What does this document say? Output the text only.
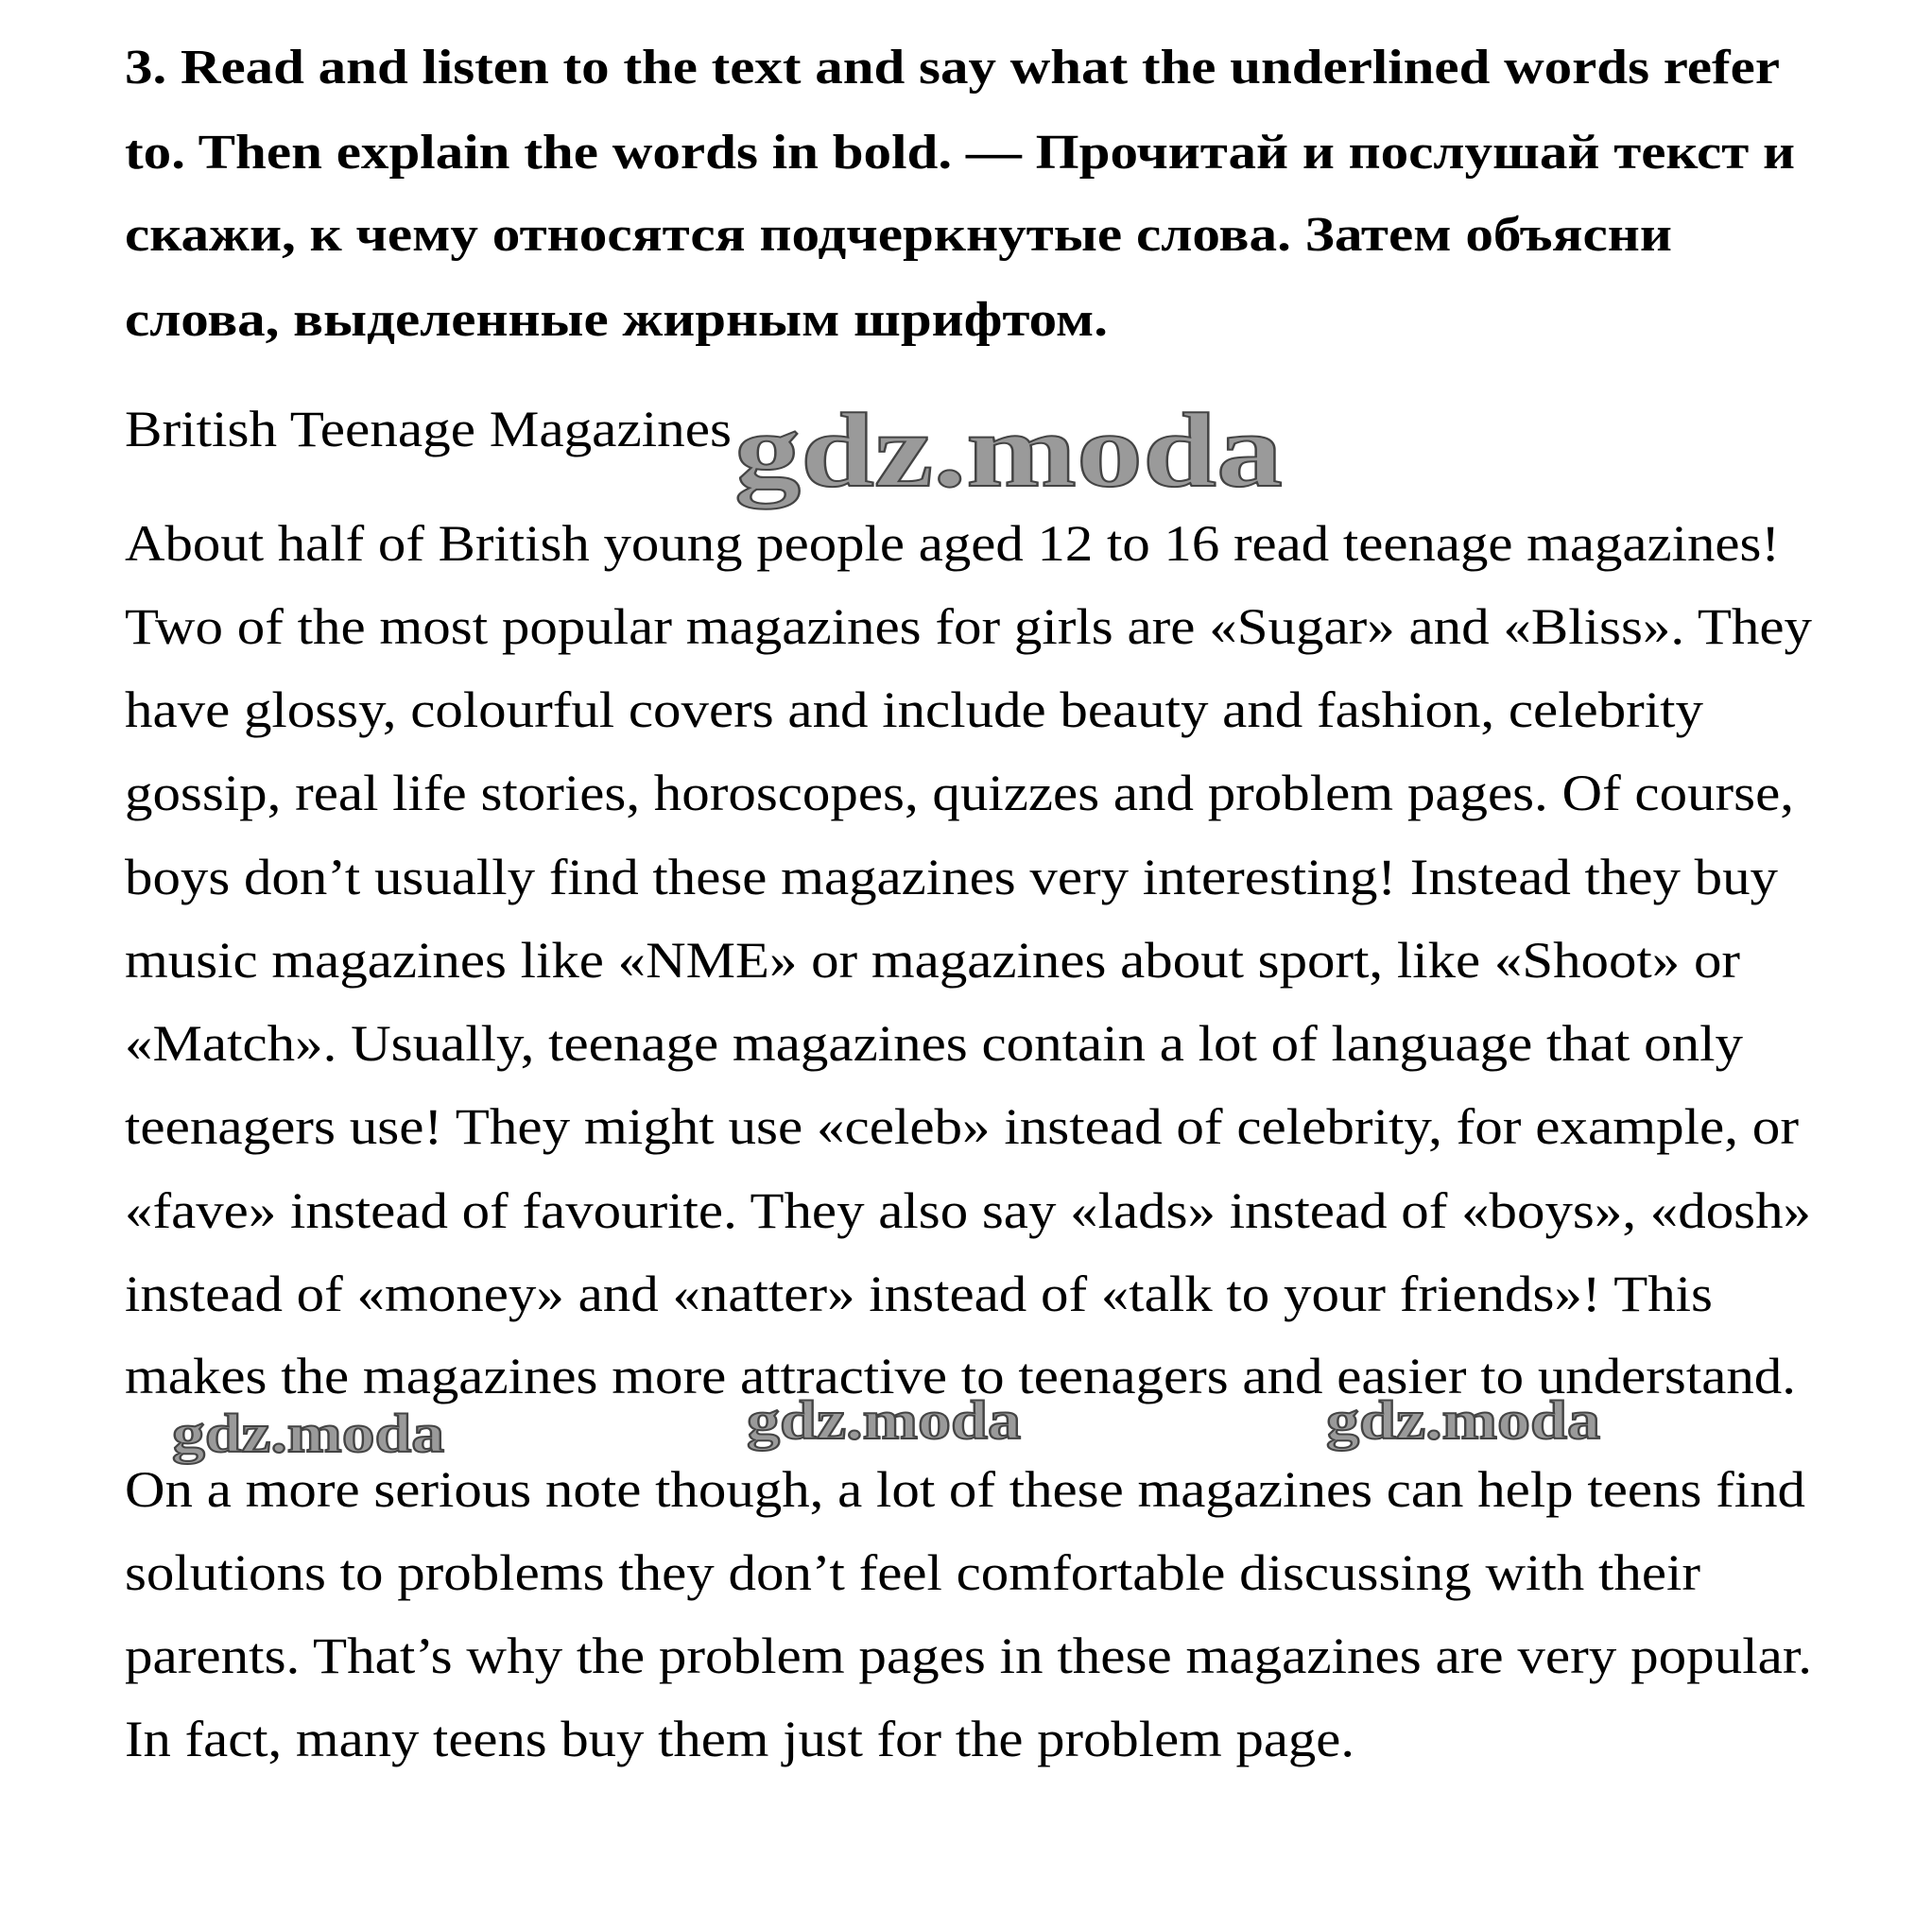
3. Read and listen to the text and say what the underlined words refer
to. Then explain the words in bold. — Прочитай и послушай текст и
скажи, к чему относятся подчеркнутые слова. Затем объясни
слова, выделенные жирным шрифтом.
British Teenage Magazines gdz.moda
About half of British young people aged 12 to 16 read teenage magazines!
Two of the most popular magazines for girls are «Sugar» and «Bliss». They
have glossy, colourful covers and include beauty and fashion, celebrity
gossip, real life stories, horoscopes, quizzes and problem pages. Of course,
boys don’t usually find these magazines very interesting! Instead they buy
music magazines like «NME» or magazines about sport, like «Shoot» or
«Match». Usually, teenage magazines contain a lot of language that only
teenagers use! They might use «celeb» instead of celebrity, for example, or
«fave» instead of favourite. They also say «lads» instead of «boys», «dosh»
instead of «money» and «natter» instead of «talk to your friends»! This
makes the magazines more attractive to teenagers and easier to understand.
gdz.moda	gdz.moda	gdz.moda
On a more serious note though, a lot of these magazines can help teens find
solutions to problems they don’t feel comfortable discussing with their
parents. That’s why the problem pages in these magazines are very popular.
In fact, many teens buy them just for the problem page.
